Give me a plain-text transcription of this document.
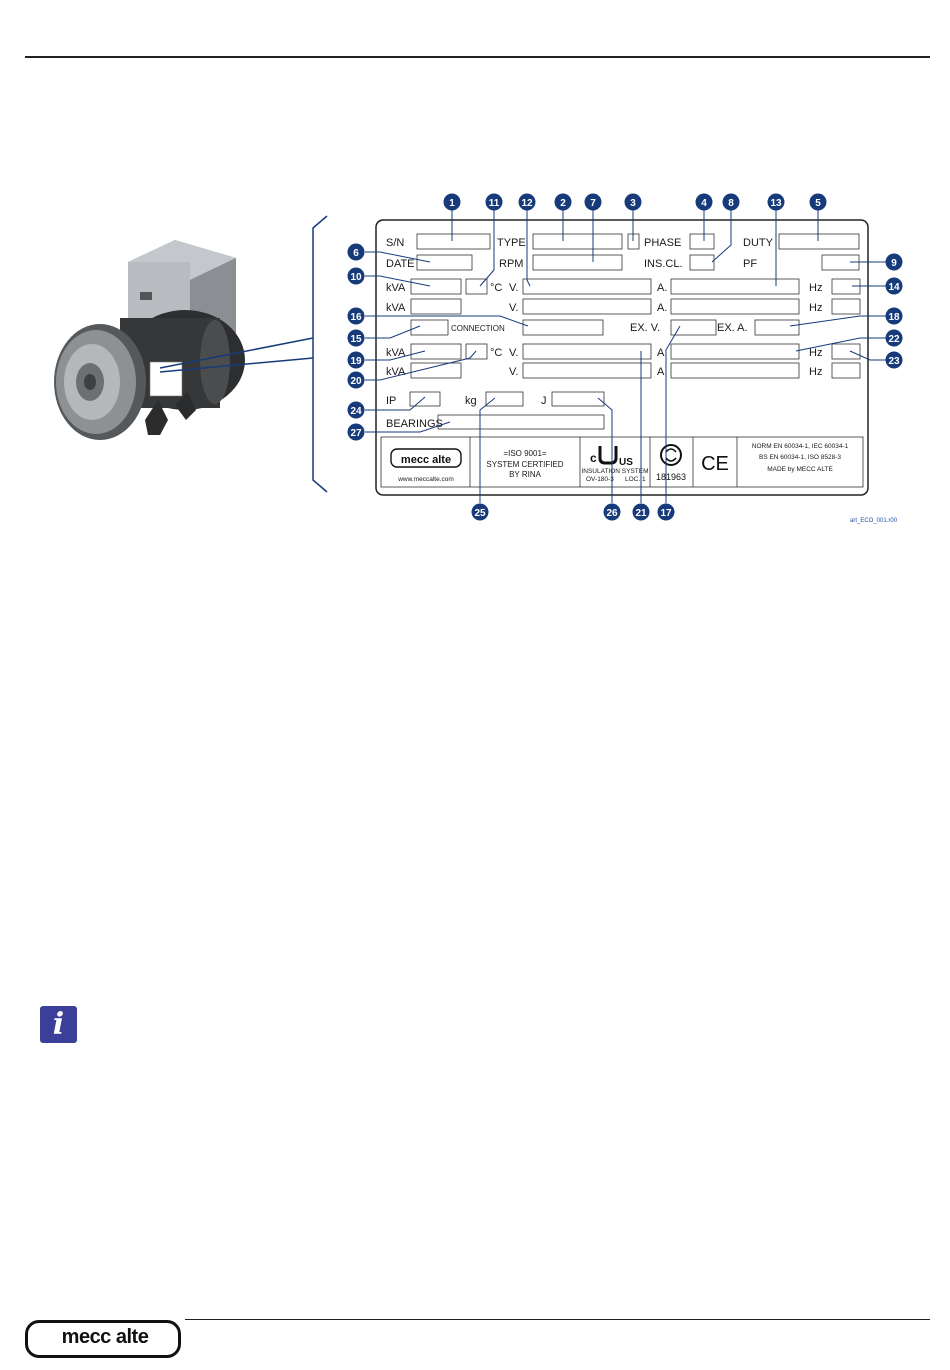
S/N	TYPE	PHASE	DUTY
DATE	RPM	INS.CL.	PF
kVA	°C V.	A.	Hz
kVA	V.	A.	Hz
CONNECTION	EX. V.	EX. A.
kVA	°C V.	A.	Hz
kVA	V.	A.	Hz
IP	kg	J
BEARINGS
mecc alte
www.meccalte.com
=ISO 9001=
SYSTEM CERTIFIED
BY RINA
c US
INSULATION SYSTEM
OV-180-3 LOC. 1 181963
CE
NORM EN 60034-1, IEC 60034-1
BS EN 60034-1, ISO 8528-3
MADE by MECC ALTE
1	2	3	4	5
6
7	8
9
10
11 12	13
14
15
16
17
18
19
20
21
22
23
24
25	26
27
art_ECO_001.r00
i
mecc alte
